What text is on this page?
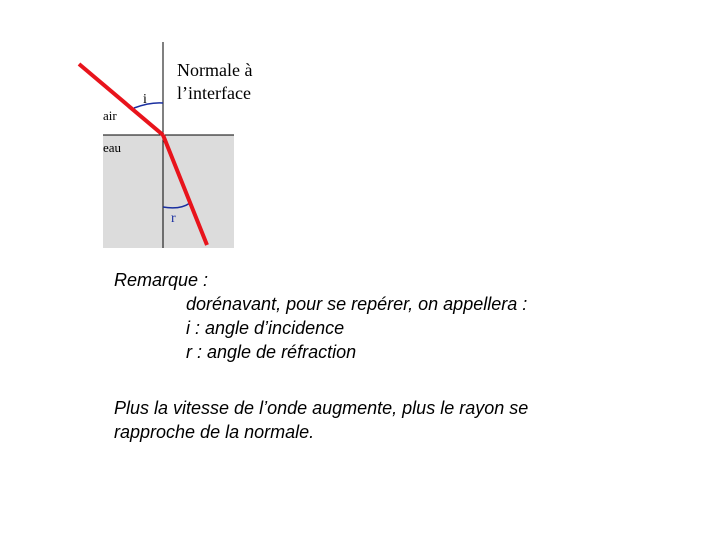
i
r
air
eau
Normale à
l’interface
Remarque :
dorénavant, pour se repérer, on appellera :
i : angle d’incidence
r : angle de réfraction
Plus la vitesse de l’onde augmente, plus le rayon se rapproche de la normale.
